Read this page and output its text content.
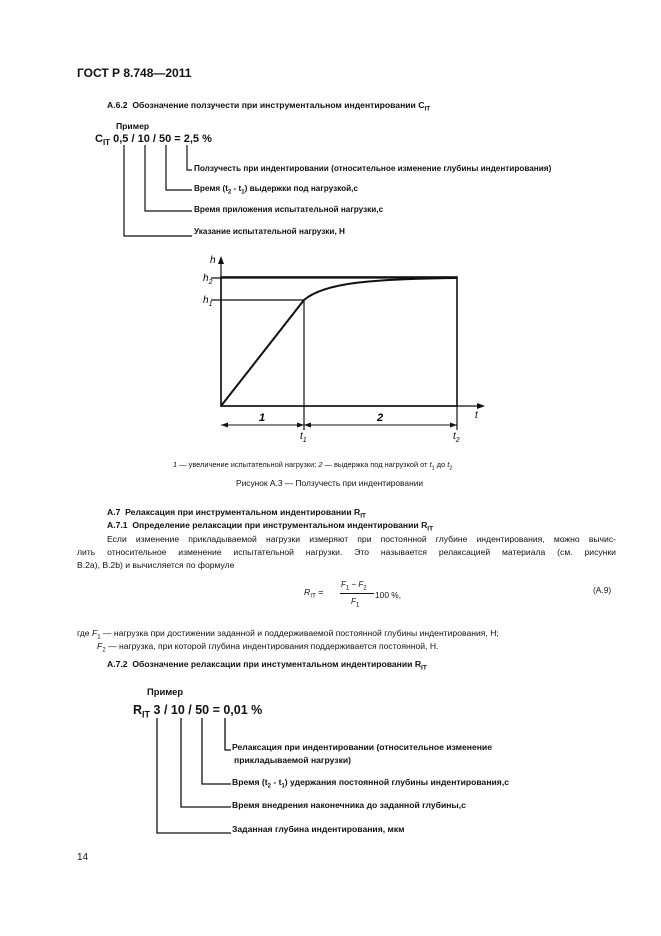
ГОСТ Р 8.748—2011
А.6.2 Обозначение ползучести при инструментальном индентировании $C_{IT}$
Пример
$C_{IT}$ 0,5 / 10 / 50 = 2,5 %
Ползучесть при индентировании (относительное изменение глубины индентирования)
Время $(t_2 - t_1)$ выдержки под нагрузкой,с
Время приложения испытательной нагрузки,с
Указание испытательной нагрузки, Н
h
$h_2$
$h_1$
t
1	2
$t_1$	$t_2$
1 — увеличение испытательной нагрузки; 2 — выдержка под нагрузкой от $t_1$ до $t_2$
Рисунок А.3 — Ползучесть при индентировании
А.7 Релаксация при инструментальном индентировании $R_{IT}$
А.7.1 Определение релаксации при инструментальном индентировании $R_{IT}$
Если изменение прикладываемой нагрузки измеряют при постоянной глубине индентирования, можно вычис-
лить относительное изменение испытательной нагрузки. Это называется релаксацией материала (см. рисунки
В.2а), В.2b) и вычисляется по формуле
$R_{IT}$ =
$F_1 - F_2$
$F_1$
100 %,	(А.9)
где $F_1$ — нагрузка при достижении заданной и поддерживаемой постоянной глубины индентирования, Н;
$F_2$ — нагрузка, при которой глубина индентирования поддерживается постоянной, Н.
А.7.2 Обозначение релаксации при инстументальном индентировании $R_{IT}$
Пример
$R_{IT}$ 3 / 10 / 50 = 0,01 %
Релаксация при индентировании (относительное изменение
прикладываемой нагрузки)
Время $(t_2 - t_1)$ удержания постоянной глубины индентирования,с
Время внедрения наконечника до заданной глубины,с
Заданная глубина индентирования, мкм
14
